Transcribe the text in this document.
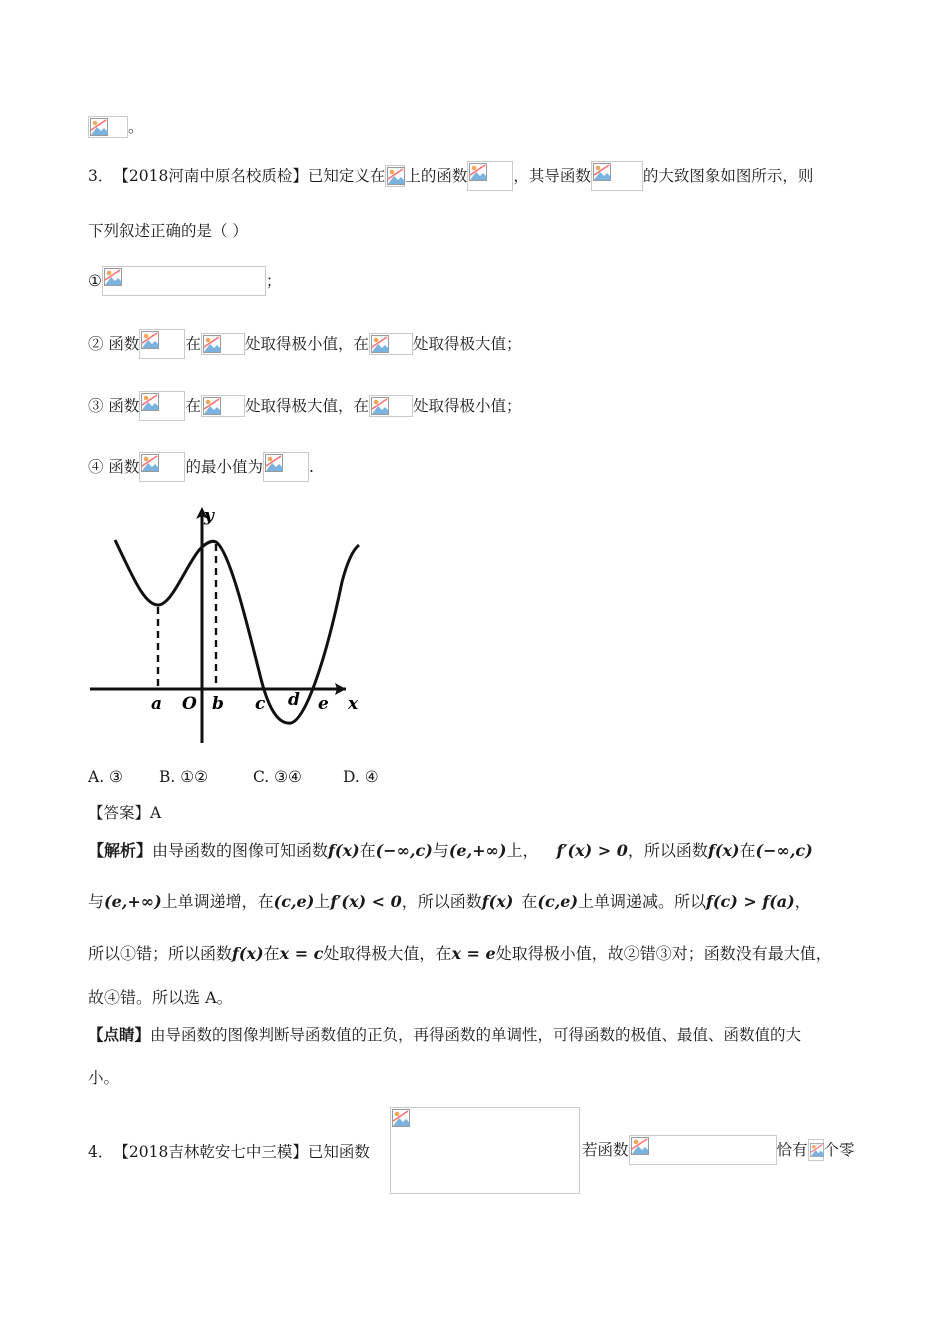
。
3．【2018河南中原名校质检】已知定义在 上的函数	，其导函数	的大致图象如图所示，则
下列叙述正确的是（ ）
①	；
② 函数	在	处取得极小值，在	处取得极大值；
③ 函数	在	处取得极大值，在	处取得极小值；
④ 函数	的最小值为	.
y
x
a O b c d e
A. ③ B. ①②	C. ③④	D. ④
【答案】A
【解析】由导函数的图像可知函数f(x)在(−∞,c)与(e,+∞)上， f′(x) > 0，所以函数f(x)在(−∞,c)
与(e,+∞)上单调递增，在(c,e)上f′(x) < 0，所以函数f(x) 在(c,e)上单调递减。所以f(c) > f(a)，
所以①错；所以函数f(x)在x = c处取得极大值，在x = e处取得极小值，故②错③对；函数没有最大值，
故④错。所以选 A。
【点睛】由导函数的图像判断导函数值的正负，再得函数的单调性，可得函数的极值、最值、函数值的大
小。
4．【2018吉林乾安七中三模】已知函数	若函数	恰有 个零
